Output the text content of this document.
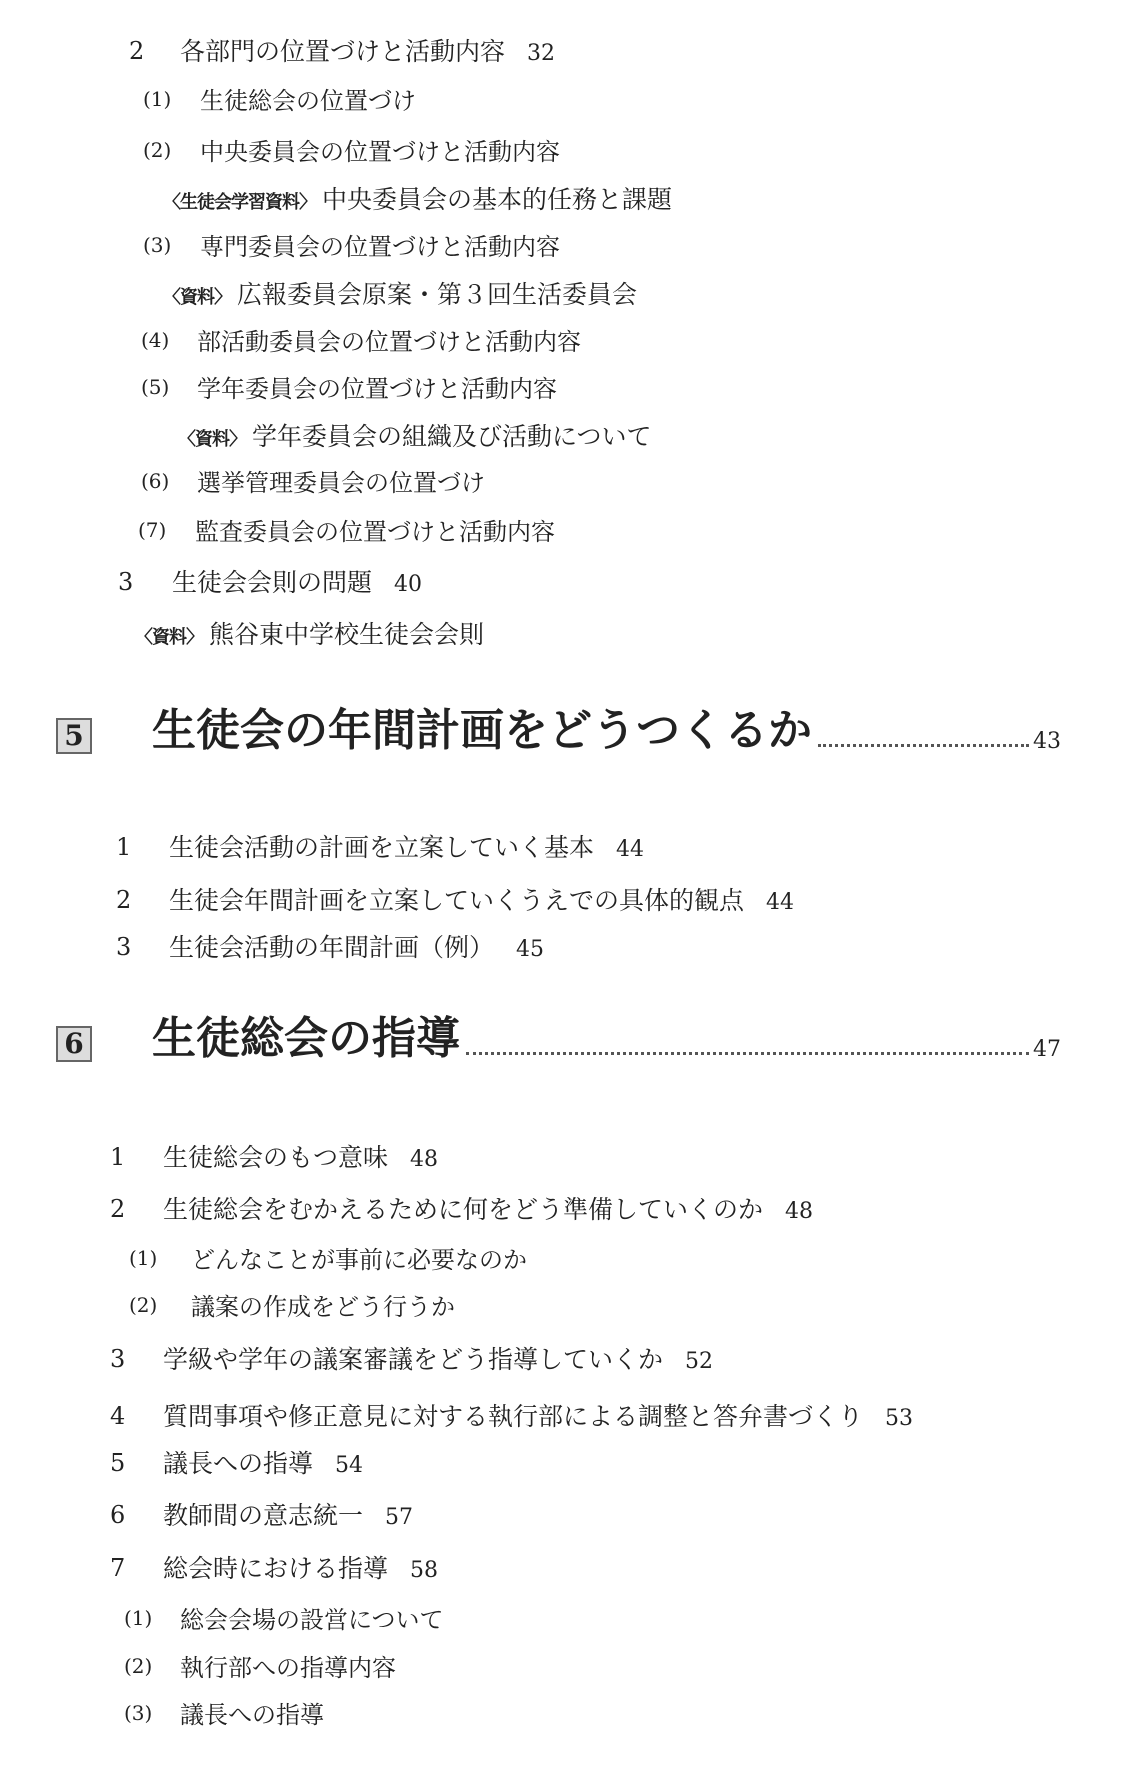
2 各部門の位置づけと活動内容 32
(1) 生徒総会の位置づけ
(2) 中央委員会の位置づけと活動内容
〈生徒会学習資料〉 中央委員会の基本的任務と課題
(3) 専門委員会の位置づけと活動内容
〈資料〉 広報委員会原案・第３回生活委員会
(4) 部活動委員会の位置づけと活動内容
(5) 学年委員会の位置づけと活動内容
〈資料〉 学年委員会の組織及び活動について
(6) 選挙管理委員会の位置づけ
(7) 監査委員会の位置づけと活動内容
3 生徒会会則の問題 40
〈資料〉 熊谷東中学校生徒会会則
5 生徒会の年間計画をどうつくるか	43
1 生徒会活動の計画を立案していく基本 44
2 生徒会年間計画を立案していくうえでの具体的観点 44
3 生徒会活動の年間計画（例） 45
6 生徒総会の指導	47
1 生徒総会のもつ意味 48
2 生徒総会をむかえるために何をどう準備していくのか 48
(1) どんなことが事前に必要なのか
(2) 議案の作成をどう行うか
3 学級や学年の議案審議をどう指導していくか 52
4 質問事項や修正意見に対する執行部による調整と答弁書づくり 53
5 議長への指導 54
6 教師間の意志統一 57
7 総会時における指導 58
(1) 総会会場の設営について
(2) 執行部への指導内容
(3) 議長への指導
